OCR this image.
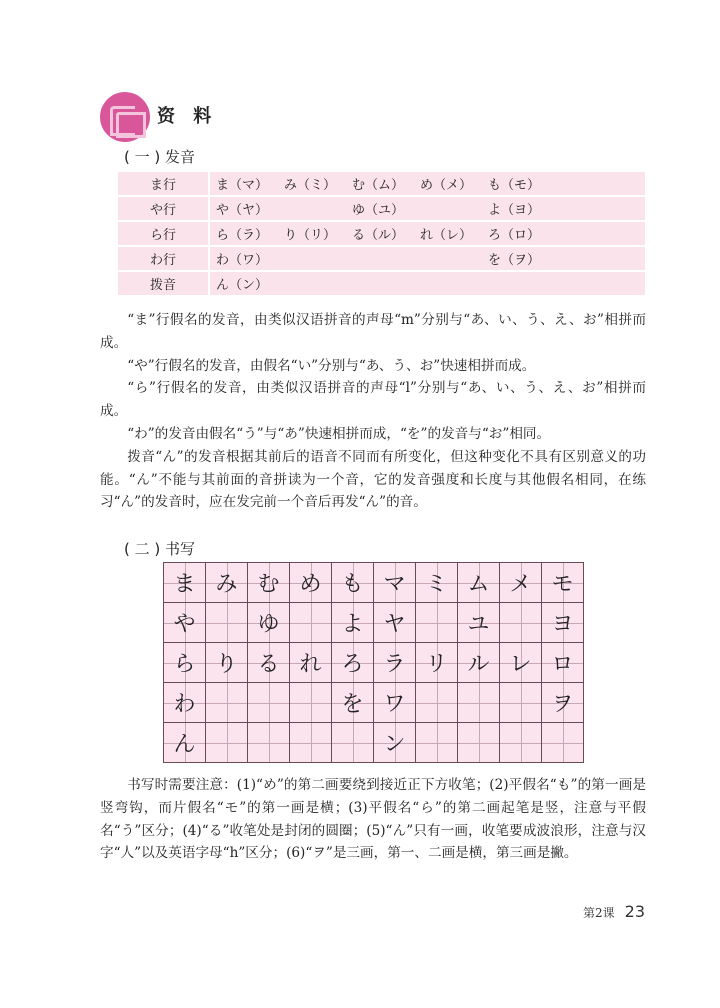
资 料
( 一 ) 发音
ま行	ま（マ）	み（ミ）	む（ム）	め（メ）	も（モ）	
や行	や（ヤ）		ゆ（ユ）		よ（ヨ）	
ら行	ら（ラ）	り（リ）	る（ル）	れ（レ）	ろ（ロ）	
わ行	わ（ワ）				を（ヲ）	
拨音	ん（ン）					

“ま”行假名的发音，由类似汉语拼音的声母“m”分别与“あ、い、う、え、お”相拼而成。

“や”行假名的发音，由假名“い”分别与“あ、う、お”快速相拼而成。

“ら”行假名的发音，由类似汉语拼音的声母“l”分别与“あ、い、う、え、お”相拼而成。

“わ”的发音由假名“う”与“あ”快速相拼而成，“を”的发音与“お”相同。

拨音“ん”的发音根据其前后的语音不同而有所变化，但这种变化不具有区别意义的功能。“ん”不能与其前面的音拼读为一个音，它的发音强度和长度与其他假名相同，在练习“ん”的发音时，应在发完前一个音后再发“ん”的音。

( 二 ) 书写
ま	み	む	め	も	マ	ミ	ム	メ	モ
や		ゆ		よ	ヤ		ユ		ヨ
ら	り	る	れ	ろ	ラ	リ	ル	レ	ロ
わ				を	ワ				ヲ
ん					ン				

书写时需要注意：(1)“め”的第二画要绕到接近正下方收笔；(2)平假名“も”的第一画是竖弯钩，而片假名“モ”的第一画是横；(3)平假名“ら”的第二画起笔是竖，注意与平假名“う”区分；(4)“る”收笔处是封闭的圆圈；(5)“ん”只有一画，收笔要成波浪形，注意与汉字“人”以及英语字母“h”区分；(6)“ヲ”是三画，第一、二画是横，第三画是撇。

第2课 23
